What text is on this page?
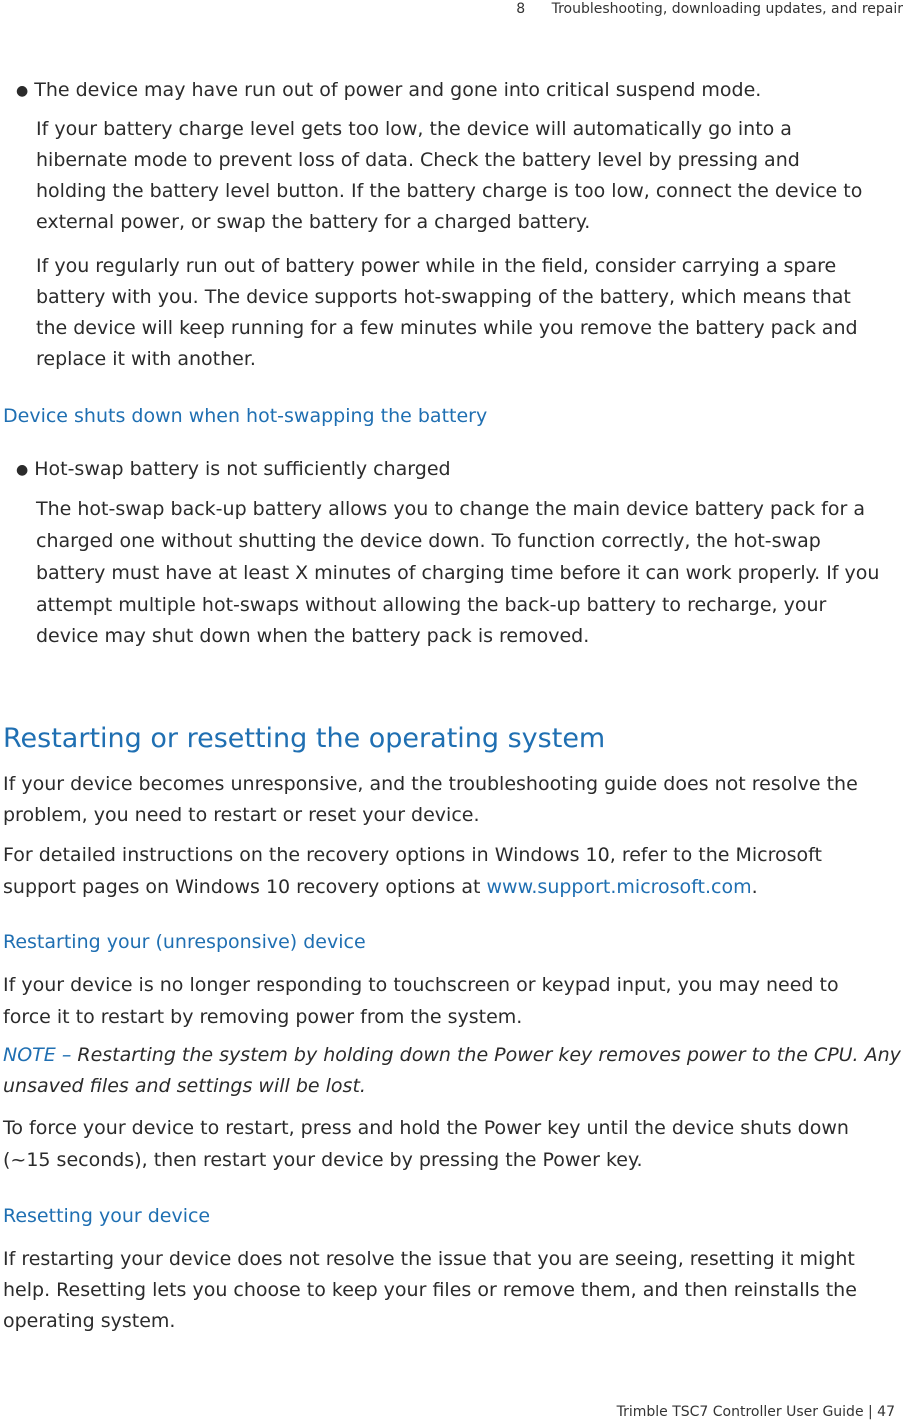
8 Troubleshooting, downloading updates, and repair
● The device may have run out of power and gone into critical suspend mode.

If your battery charge level gets too low, the device will automatically go into a

hibernate mode to prevent loss of data. Check the battery level by pressing and

holding the battery level button. If the battery charge is too low, connect the device to

external power, or swap the battery for a charged battery.

If you regularly run out of battery power while in the field, consider carrying a spare

battery with you. The device supports hot-swapping of the battery, which means that

the device will keep running for a few minutes while you remove the battery pack and

replace it with another.

Device shuts down when hot-swapping the battery
● Hot-swap battery is not sufficiently charged

The hot-swap back-up battery allows you to change the main device battery pack for a

charged one without shutting the device down. To function correctly, the hot-swap

battery must have at least X minutes of charging time before it can work properly. If you

attempt multiple hot-swaps without allowing the back-up battery to recharge, your

device may shut down when the battery pack is removed.

Restarting or resetting the operating system

If your device becomes unresponsive, and the troubleshooting guide does not resolve the

problem, you need to restart or reset your device.

For detailed instructions on the recovery options in Windows 10, refer to the Microsoft

support pages on Windows 10 recovery options at www.support.microsoft.com.

Restarting your (unresponsive) device

If your device is no longer responding to touchscreen or keypad input, you may need to

force it to restart by removing power from the system.

NOTE – Restarting the system by holding down the Power key removes power to the CPU. Any

unsaved files and settings will be lost.

To force your device to restart, press and hold the Power key until the device shuts down

(~15 seconds), then restart your device by pressing the Power key.

Resetting your device

If restarting your device does not resolve the issue that you are seeing, resetting it might

help. Resetting lets you choose to keep your files or remove them, and then reinstalls the

operating system.

Trimble TSC7 Controller User Guide | 47
